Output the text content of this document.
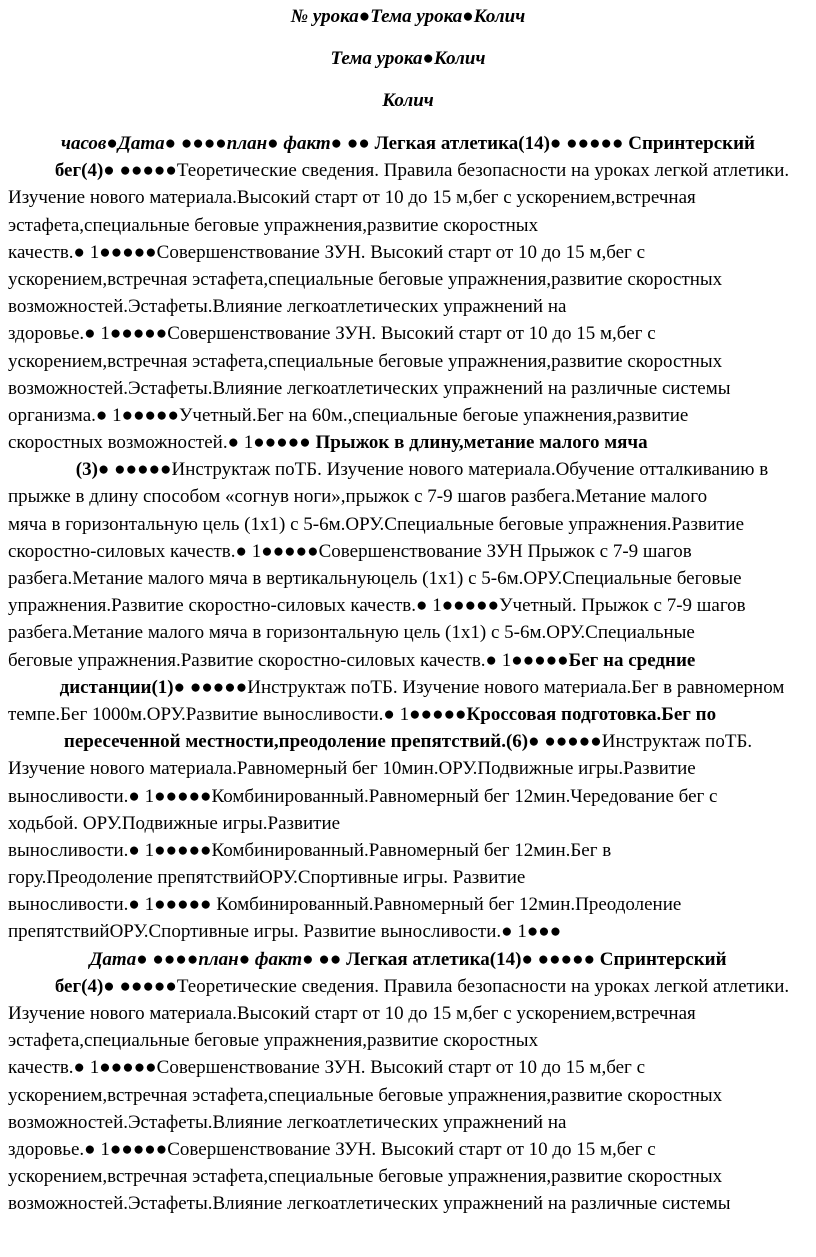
№ урока●Тема урока●Колич
Тема урока●Колич
Колич
часов●Дата● ●●●●план● факт● ●● Легкая атлетика(14)● ●●●●● Спринтерский
бег(4)● ●●●●●Теоретические сведения. Правила безопасности на уроках легкой атлетики.
Изучение нового материала.Высокий старт от 10 до 15 м,бег с ускорением,встречная
эстафета,специальные беговые упражнения,развитие скоростных
качеств.● 1●●●●●Совершенствование ЗУН. Высокий старт от 10 до 15 м,бег с
ускорением,встречная эстафета,специальные беговые упражнения,развитие скоростных
возможностей.Эстафеты.Влияние легкоатлетических упражнений на
здоровье.● 1●●●●●Совершенствование ЗУН. Высокий старт от 10 до 15 м,бег с
ускорением,встречная эстафета,специальные беговые упражнения,развитие скоростных
возможностей.Эстафеты.Влияние легкоатлетических упражнений на различные системы
организма.● 1●●●●●Учетный.Бег на 60м.,специальные бегоые упажнения,развитие
скоростных возможностей.● 1●●●●● Прыжок в длину,метание малого мяча
(3)● ●●●●●Инструктаж поТБ. Изучение нового материала.Обучение отталкиванию в
прыжке в длину способом «согнув ноги»,прыжок с 7-9 шагов разбега.Метание малого
мяча в горизонтальную цель (1х1) с 5-6м.ОРУ.Специальные беговые упражнения.Развитие
скоростно-силовых качеств.● 1●●●●●Совершенствование ЗУН Прыжок с 7-9 шагов
разбега.Метание малого мяча в вертикальнуюцель (1х1) с 5-6м.ОРУ.Специальные беговые
упражнения.Развитие скоростно-силовых качеств.● 1●●●●●Учетный. Прыжок с 7-9 шагов
разбега.Метание малого мяча в горизонтальную цель (1х1) с 5-6м.ОРУ.Специальные
беговые упражнения.Развитие скоростно-силовых качеств.● 1●●●●●Бег на средние
дистанции(1)● ●●●●●Инструктаж поТБ. Изучение нового материала.Бег в равномерном
темпе.Бег 1000м.ОРУ.Развитие выносливости.● 1●●●●●Кроссовая подготовка.Бег по
пересеченной местности,преодоление препятствий.(6)● ●●●●●Инструктаж поТБ.
Изучение нового материала.Равномерный бег 10мин.ОРУ.Подвижные игры.Развитие
выносливости.● 1●●●●●Комбинированный.Равномерный бег 12мин.Чередование бег с
ходьбой. ОРУ.Подвижные игры.Развитие
выносливости.● 1●●●●●Комбинированный.Равномерный бег 12мин.Бег в
гору.Преодоление препятствийОРУ.Спортивные игры. Развитие
выносливости.● 1●●●●● Комбинированный.Равномерный бег 12мин.Преодоление
препятствийОРУ.Спортивные игры. Развитие выносливости.● 1●●●
Дата● ●●●●план● факт● ●● Легкая атлетика(14)● ●●●●● Спринтерский
бег(4)● ●●●●●Теоретические сведения. Правила безопасности на уроках легкой атлетики.
Изучение нового материала.Высокий старт от 10 до 15 м,бег с ускорением,встречная
эстафета,специальные беговые упражнения,развитие скоростных
качеств.● 1●●●●●Совершенствование ЗУН. Высокий старт от 10 до 15 м,бег с
ускорением,встречная эстафета,специальные беговые упражнения,развитие скоростных
возможностей.Эстафеты.Влияние легкоатлетических упражнений на
здоровье.● 1●●●●●Совершенствование ЗУН. Высокий старт от 10 до 15 м,бег с
ускорением,встречная эстафета,специальные беговые упражнения,развитие скоростных
возможностей.Эстафеты.Влияние легкоатлетических упражнений на различные системы
